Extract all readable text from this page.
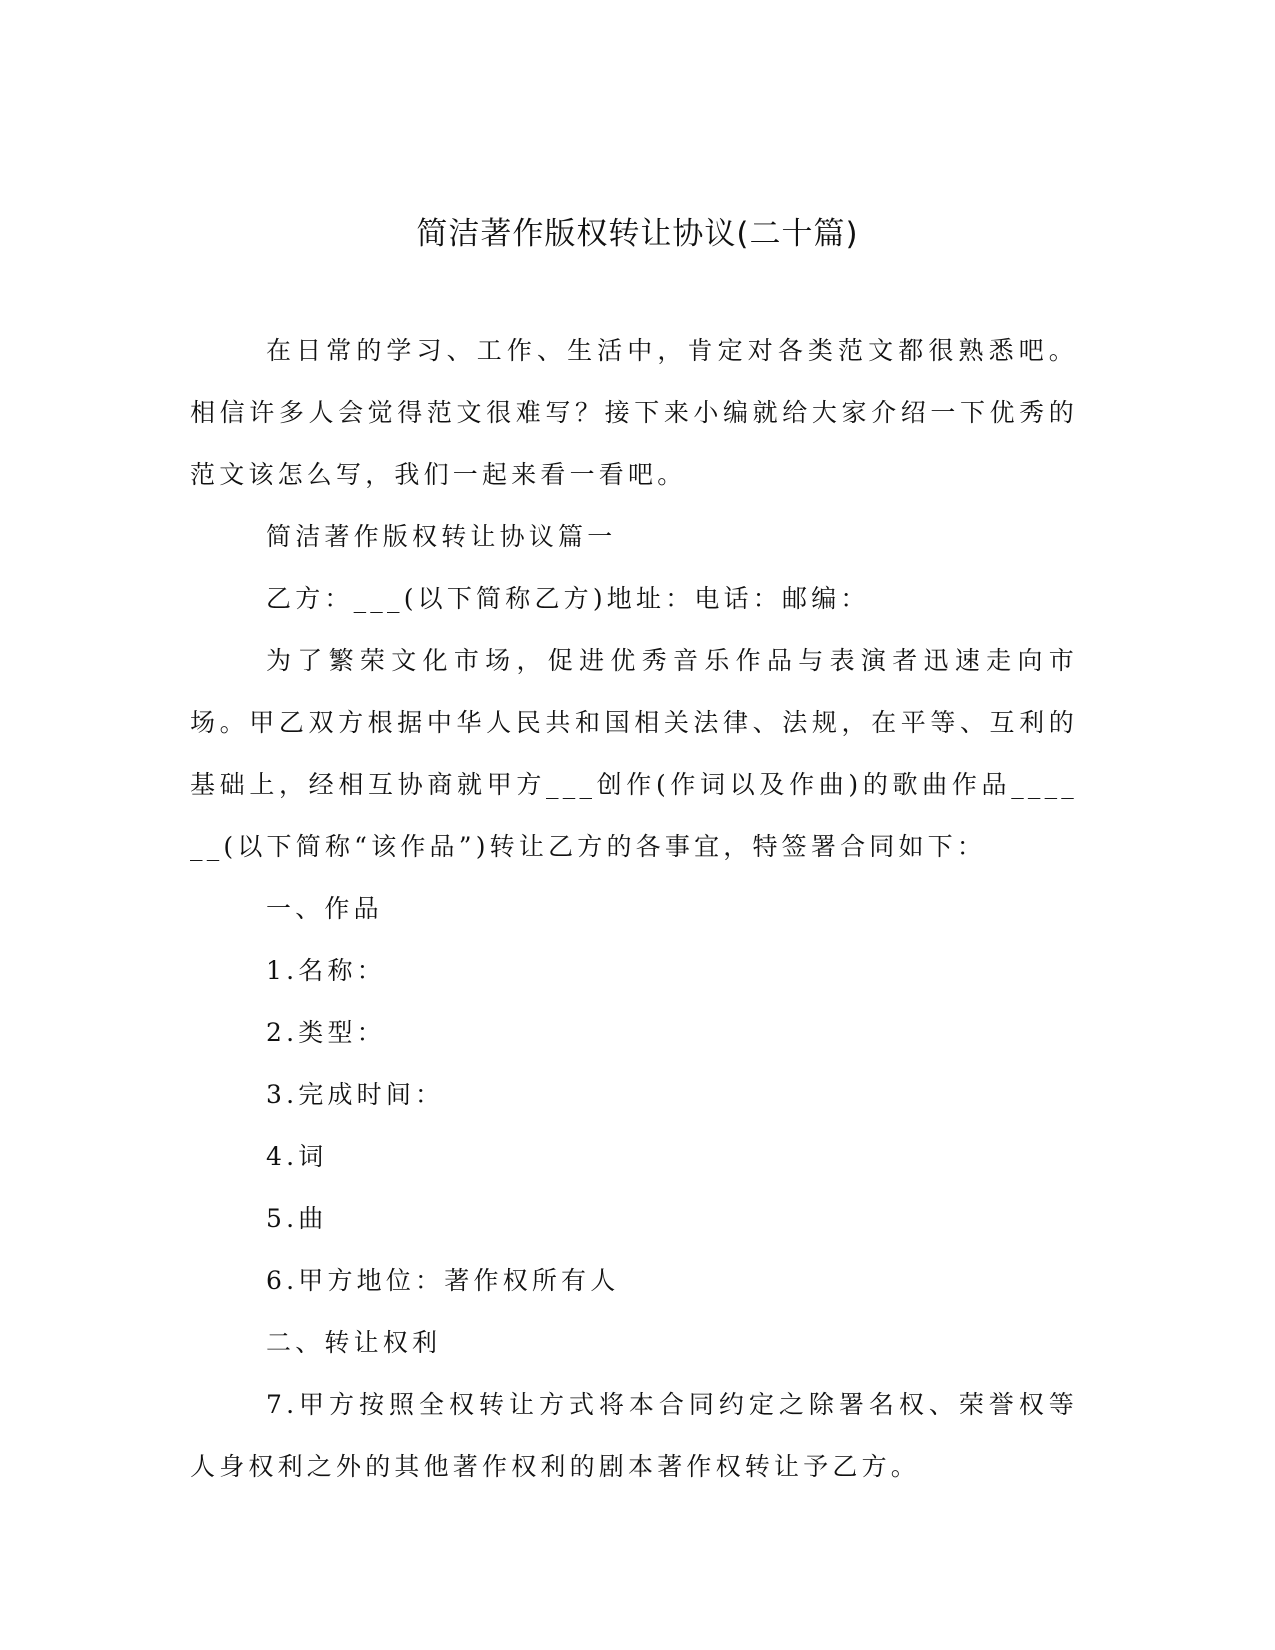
简洁著作版权转让协议(二十篇)

在日常的学习、工作、生活中，肯定对各类范文都很熟悉吧。相信许多人会觉得范文很难写？接下来小编就给大家介绍一下优秀的范文该怎么写，我们一起来看一看吧。

简洁著作版权转让协议篇一

乙方：___(以下简称乙方)地址：电话：邮编：

为了繁荣文化市场，促进优秀音乐作品与表演者迅速走向市场。甲乙双方根据中华人民共和国相关法律、法规，在平等、互利的基础上，经相互协商就甲方___创作(作词以及作曲)的歌曲作品______(以下简称“该作品”)转让乙方的各事宜，特签署合同如下：

一、作品

1.名称：

2.类型：

3.完成时间：

4.词

5.曲

6.甲方地位：著作权所有人

二、转让权利

7.甲方按照全权转让方式将本合同约定之除署名权、荣誉权等人身权利之外的其他著作权利的剧本著作权转让予乙方。
